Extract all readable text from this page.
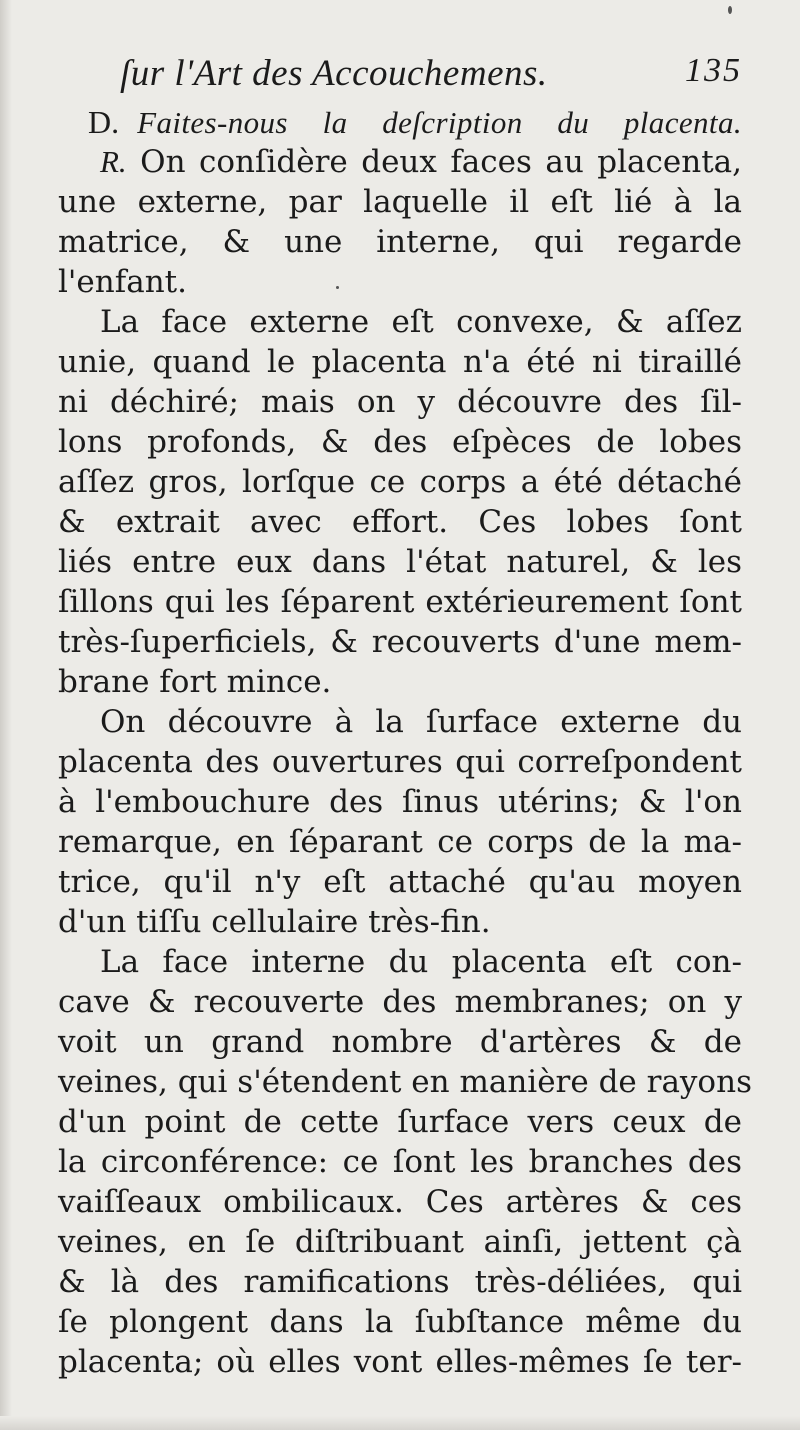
ſur l'Art des Accouchemens.	135
D. Faites-nous la deſcription du placenta.
R. On conſidère deux faces au placenta,
une externe, par laquelle il eſt lié à la
matrice, & une interne, qui regarde
l'enfant.
La face externe eſt convexe, & aſſez
unie, quand le placenta n'a été ni tiraillé
ni déchiré; mais on y découvre des ſil-
lons profonds, & des eſpèces de lobes
aſſez gros, lorſque ce corps a été détaché
& extrait avec effort. Ces lobes ſont
liés entre eux dans l'état naturel, & les
ſillons qui les ſéparent extérieurement ſont
très-ſuperficiels, & recouverts d'une mem-
brane fort mince.
On découvre à la ſurface externe du
placenta des ouvertures qui correſpondent
à l'embouchure des ſinus utérins; & l'on
remarque, en ſéparant ce corps de la ma-
trice, qu'il n'y eſt attaché qu'au moyen
d'un tiſſu cellulaire très-fin.
La face interne du placenta eſt con-
cave & recouverte des membranes; on y
voit un grand nombre d'artères & de
veines, qui s'étendent en manière de rayons
d'un point de cette ſurface vers ceux de
la circonférence: ce ſont les branches des
vaiſſeaux ombilicaux. Ces artères & ces
veines, en ſe diſtribuant ainſi, jettent çà
& là des ramifications très-déliées, qui
ſe plongent dans la ſubſtance même du
placenta; où elles vont elles-mêmes ſe ter-
